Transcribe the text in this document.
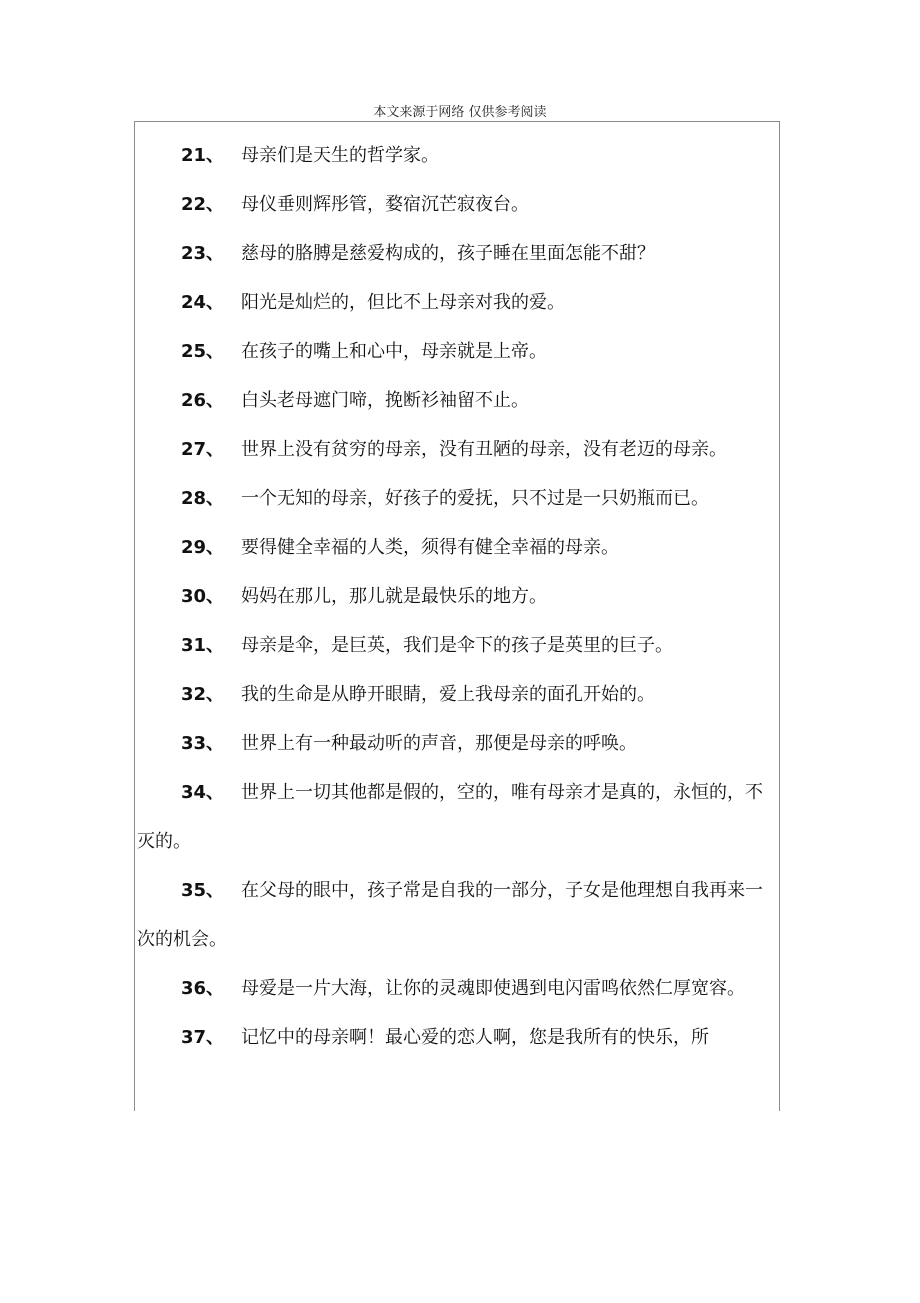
本文来源于网络 仅供参考阅读
21、 母亲们是天生的哲学家。
22、 母仪垂则辉彤管，婺宿沉芒寂夜台。
23、 慈母的胳膊是慈爱构成的，孩子睡在里面怎能不甜？
24、 阳光是灿烂的，但比不上母亲对我的爱。
25、 在孩子的嘴上和心中，母亲就是上帝。
26、 白头老母遮门啼，挽断衫袖留不止。
27、 世界上没有贫穷的母亲，没有丑陋的母亲，没有老迈的母亲。
28、 一个无知的母亲，好孩子的爱抚，只不过是一只奶瓶而已。
29、 要得健全幸福的人类，须得有健全幸福的母亲。
30、 妈妈在那儿，那儿就是最快乐的地方。
31、 母亲是伞，是巨英，我们是伞下的孩子是英里的巨子。
32、 我的生命是从睁开眼睛，爱上我母亲的面孔开始的。
33、 世界上有一种最动听的声音，那便是母亲的呼唤。
34、 世界上一切其他都是假的，空的，唯有母亲才是真的，永恒的，不灭的。
35、 在父母的眼中，孩子常是自我的一部分，子女是他理想自我再来一次的机会。
36、 母爱是一片大海，让你的灵魂即使遇到电闪雷鸣依然仁厚宽容。
37、 记忆中的母亲啊！最心爱的恋人啊，您是我所有的快乐，所
